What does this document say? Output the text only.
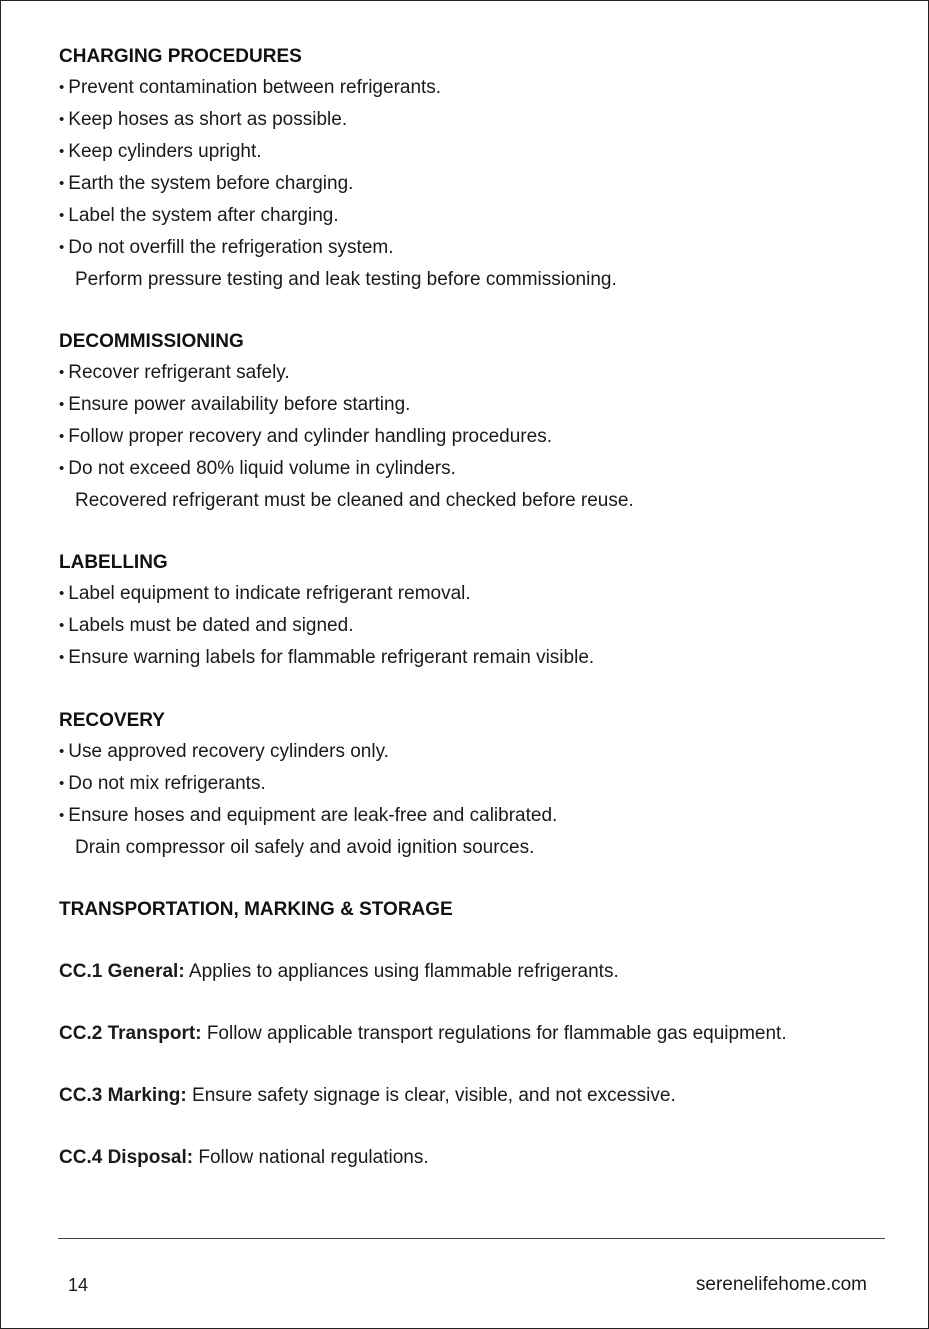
CHARGING PROCEDURES

• Prevent contamination between refrigerants.

• Keep hoses as short as possible.

• Keep cylinders upright.

• Earth the system before charging.

• Label the system after charging.

• Do not overfill the refrigeration system.

Perform pressure testing and leak testing before commissioning.

DECOMMISSIONING

• Recover refrigerant safely.

• Ensure power availability before starting.

• Follow proper recovery and cylinder handling procedures.

• Do not exceed 80% liquid volume in cylinders.

Recovered refrigerant must be cleaned and checked before reuse.

LABELLING

• Label equipment to indicate refrigerant removal.

• Labels must be dated and signed.

• Ensure warning labels for flammable refrigerant remain visible.

RECOVERY

• Use approved recovery cylinders only.

• Do not mix refrigerants.

• Ensure hoses and equipment are leak-free and calibrated.

Drain compressor oil safely and avoid ignition sources.

TRANSPORTATION, MARKING & STORAGE

CC.1 General: Applies to appliances using flammable refrigerants.

CC.2 Transport: Follow applicable transport regulations for flammable gas equipment.

CC.3 Marking: Ensure safety signage is clear, visible, and not excessive.

CC.4 Disposal: Follow national regulations.

14	serenelifehome.com
